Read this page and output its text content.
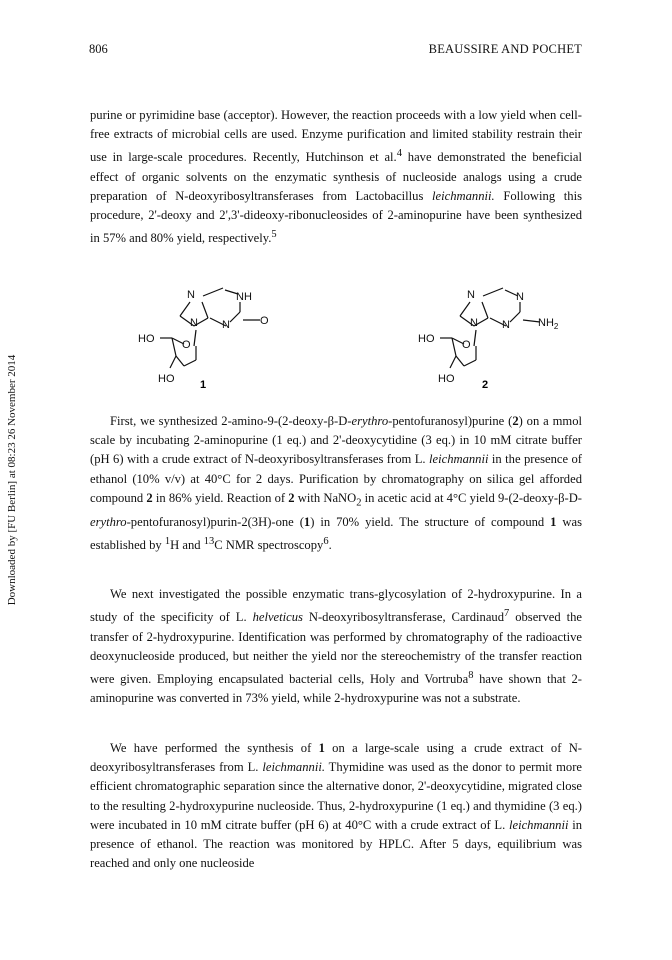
806	BEAUSSIRE AND POCHET
Downloaded by [FU Berlin] at 08:23 26 November 2014

purine or pyrimidine base (acceptor). However, the reaction proceeds with a low yield when cell-free extracts of microbial cells are used. Enzyme purification and limited stability restrain their use in large-scale procedures. Recently, Hutchinson et al.$^4$ have demonstrated the beneficial effect of organic solvents on the enzymatic synthesis of nucleoside analogs using a crude preparation of N-deoxyribosyltransferases from Lactobacillus leichmannii. Following this procedure, 2'-deoxy and 2',3'-dideoxy-ribonucleosides of 2-aminopurine have been synthesized in 57% and 80% yield, respectively.$^5$

N	NH
N N	O
HO	O
HO
N	N
N N	$NH_2$
HO	O
HO
1	2

First, we synthesized 2-amino-9-(2-deoxy-β-D-erythro-pentofuranosyl)purine (2) on a mmol scale by incubating 2-aminopurine (1 eq.) and 2'-deoxycytidine (3 eq.) in 10 mM citrate buffer (pH 6) with a crude extract of N-deoxyribosyltransferases from L. leichmannii in the presence of ethanol (10% v/v) at 40°C for 2 days. Purification by chromatography on silica gel afforded compound 2 in 86% yield. Reaction of 2 with NaNO$_2$ in acetic acid at 4°C yield 9-(2-deoxy-β-D-erythro-pentofuranosyl)purin-2(3H)-one (1) in 70% yield. The structure of compound 1 was established by $^1$H and $^{13}$C NMR spectroscopy$^6$.

We next investigated the possible enzymatic trans-glycosylation of 2-hydroxypurine. In a study of the specificity of L. helveticus N-deoxyribosyltransferase, Cardinaud$^7$ observed the transfer of 2-hydroxypurine. Identification was performed by chromatography of the radioactive deoxynucleoside produced, but neither the yield nor the stereochemistry of the transfer reaction were given. Employing encapsulated bacterial cells, Holy and Vortruba$^8$ have shown that 2-aminopurine was converted in 73% yield, while 2-hydroxypurine was not a substrate.

We have performed the synthesis of 1 on a large-scale using a crude extract of N-deoxyribosyltransferases from L. leichmannii. Thymidine was used as the donor to permit more efficient chromatographic separation since the alternative donor, 2'-deoxycytidine, migrated close to the resulting 2-hydroxypurine nucleoside. Thus, 2-hydroxypurine (1 eq.) and thymidine (3 eq.) were incubated in 10 mM citrate buffer (pH 6) at 40°C with a crude extract of L. leichmannii in presence of ethanol. The reaction was monitored by HPLC. After 5 days, equilibrium was reached and only one nucleoside
